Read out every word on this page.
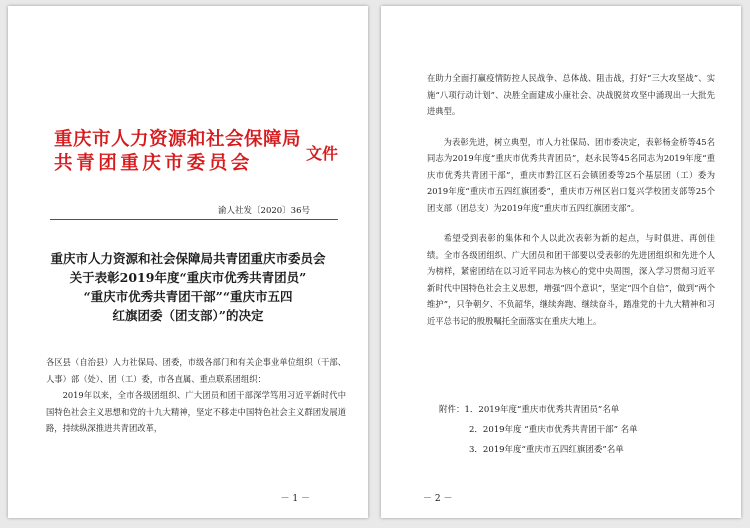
重庆市人力资源和社会保障局
共青团重庆市委员会	文件
渝人社发〔2020〕36号
重庆市人力资源和社会保障局共青团重庆市委员会
关于表彰2019年度“重庆市优秀共青团员”
“重庆市优秀共青团干部”“重庆市五四
红旗团委（团支部）”的决定

各区县（自治县）人力社保局、团委，市级各部门和有关企事业单位组织（干部、人事）部（处）、团（工）委，市各直属、重点联系团组织：

2019年以来，全市各级团组织、广大团员和团干部深学笃用习近平新时代中国特色社会主义思想和党的十九大精神，坚定不移走中国特色社会主义群团发展道路，持续纵深推进共青团改革，

－ 1 －

在助力全面打赢疫情防控人民战争、总体战、阻击战，打好“三大攻坚战”、实施“八项行动计划”、决胜全面建成小康社会、决战脱贫攻坚中涌现出一大批先进典型。

为表彰先进，树立典型，市人力社保局、团市委决定，表彰杨金桥等45名同志为2019年度“重庆市优秀共青团员”，赵永民等45名同志为2019年度“重庆市优秀共青团干部”，重庆市黔江区石会镇团委等25个基层团（工）委为2019年度“重庆市五四红旗团委”，重庆市万州区岩口复兴学校团支部等25个团支部（团总支）为2019年度“重庆市五四红旗团支部”。

希望受到表彰的集体和个人以此次表彰为新的起点，与时俱进、再创佳绩。全市各级团组织、广大团员和团干部要以受表彰的先进团组织和先进个人为榜样，紧密团结在以习近平同志为核心的党中央周围，深入学习贯彻习近平新时代中国特色社会主义思想，增强“四个意识”，坚定“四个自信”，做到“两个维护”，只争朝夕、不负韶华，继续奔跑、继续奋斗，踏准党的十九大精神和习近平总书记的殷殷嘱托全面落实在重庆大地上。

附件：1．2019年度“重庆市优秀共青团员”名单
2．2019年度 “重庆市优秀共青团干部” 名单
3．2019年度“重庆市五四红旗团委”名单
－ 2 －
